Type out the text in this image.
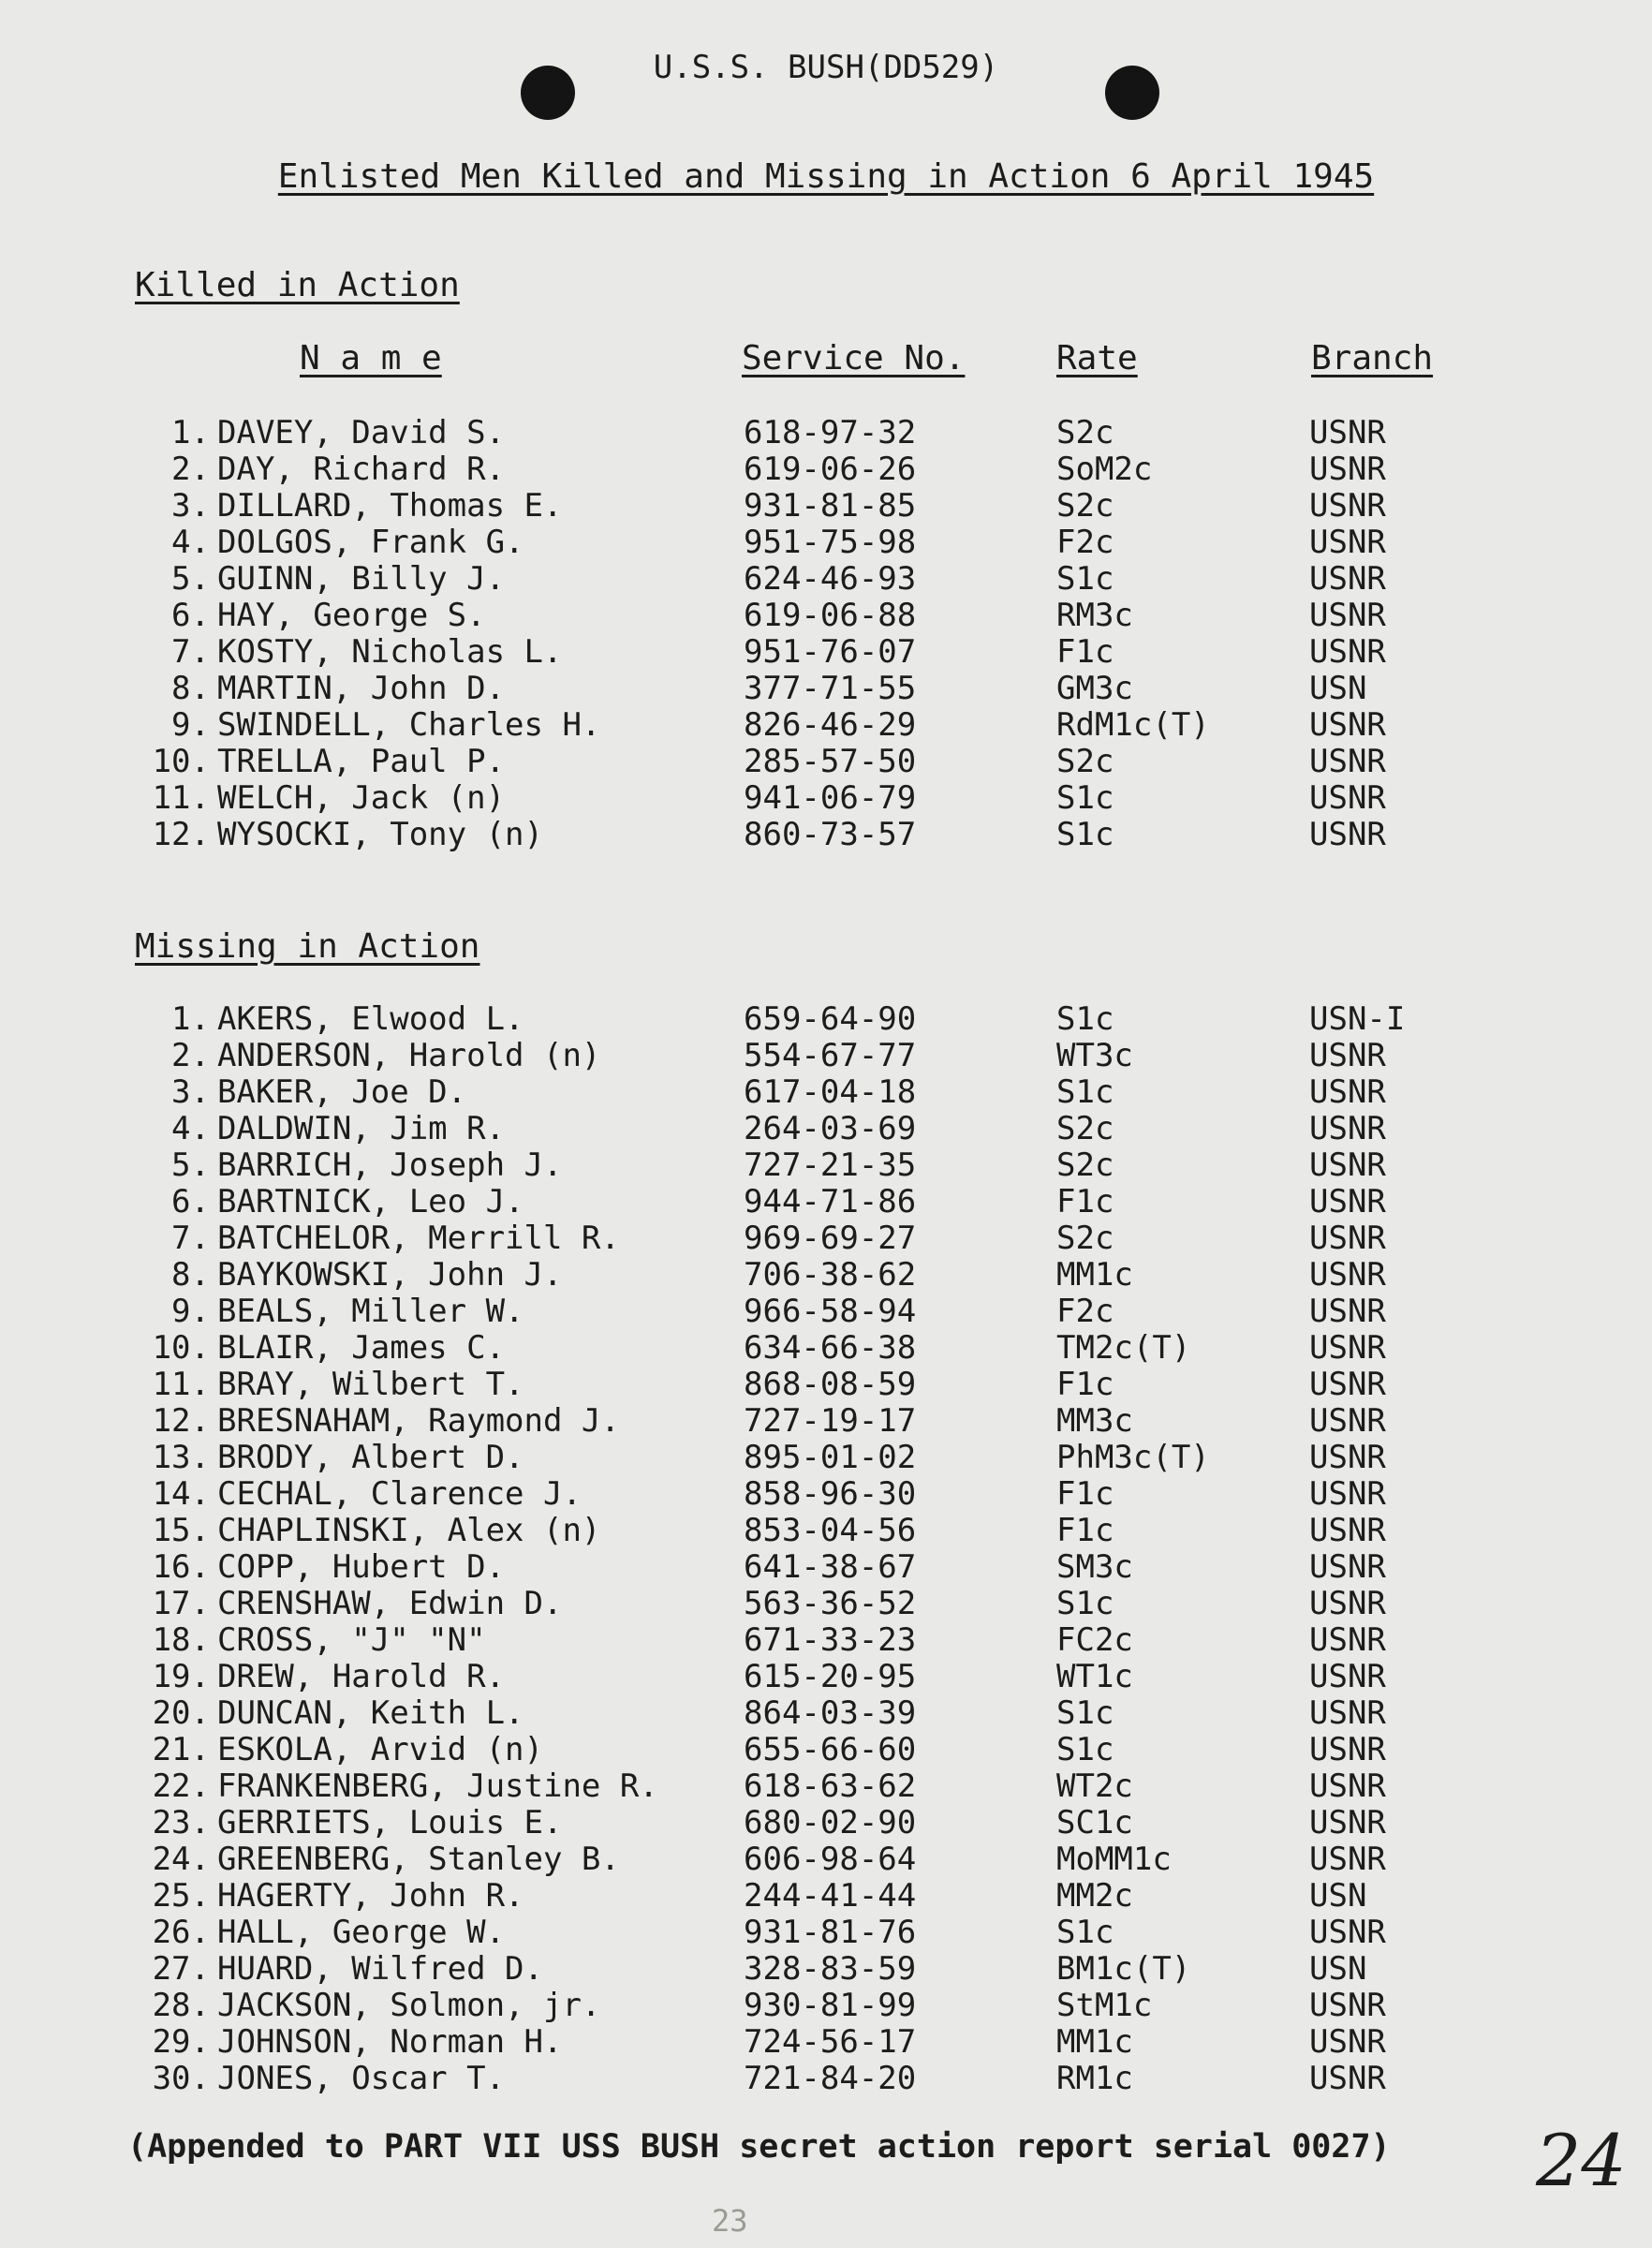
U.S.S. BUSH(DD529)
Enlisted Men Killed and Missing in Action 6 April 1945
Killed in Action
N a m e	Service No.	Rate	Branch
1. DAVEY, David S.	618-97-32	S2c	USNR
2. DAY, Richard R.	619-06-26	SoM2c	USNR
3. DILLARD, Thomas E.	931-81-85	S2c	USNR
4. DOLGOS, Frank G.	951-75-98	F2c	USNR
5. GUINN, Billy J.	624-46-93	S1c	USNR
6. HAY, George S.	619-06-88	RM3c	USNR
7. KOSTY, Nicholas L.	951-76-07	F1c	USNR
8. MARTIN, John D.	377-71-55	GM3c	USN
9. SWINDELL, Charles H.	826-46-29	RdM1c(T)	USNR
10. TRELLA, Paul P.	285-57-50	S2c	USNR
11. WELCH, Jack (n)	941-06-79	S1c	USNR
12. WYSOCKI, Tony (n)	860-73-57	S1c	USNR
Missing in Action
1. AKERS, Elwood L.	659-64-90	S1c	USN-I
2. ANDERSON, Harold (n)	554-67-77	WT3c	USNR
3. BAKER, Joe D.	617-04-18	S1c	USNR
4. DALDWIN, Jim R.	264-03-69	S2c	USNR
5. BARRICH, Joseph J.	727-21-35	S2c	USNR
6. BARTNICK, Leo J.	944-71-86	F1c	USNR
7. BATCHELOR, Merrill R.	969-69-27	S2c	USNR
8. BAYKOWSKI, John J.	706-38-62	MM1c	USNR
9. BEALS, Miller W.	966-58-94	F2c	USNR
10. BLAIR, James C.	634-66-38	TM2c(T)	USNR
11. BRAY, Wilbert T.	868-08-59	F1c	USNR
12. BRESNAHAM, Raymond J.	727-19-17	MM3c	USNR
13. BRODY, Albert D.	895-01-02	PhM3c(T)	USNR
14. CECHAL, Clarence J.	858-96-30	F1c	USNR
15. CHAPLINSKI, Alex (n)	853-04-56	F1c	USNR
16. COPP, Hubert D.	641-38-67	SM3c	USNR
17. CRENSHAW, Edwin D.	563-36-52	S1c	USNR
18. CROSS, "J" "N"	671-33-23	FC2c	USNR
19. DREW, Harold R.	615-20-95	WT1c	USNR
20. DUNCAN, Keith L.	864-03-39	S1c	USNR
21. ESKOLA, Arvid (n)	655-66-60	S1c	USNR
22. FRANKENBERG, Justine R.	618-63-62	WT2c	USNR
23. GERRIETS, Louis E.	680-02-90	SC1c	USNR
24. GREENBERG, Stanley B.	606-98-64	MoMM1c	USNR
25. HAGERTY, John R.	244-41-44	MM2c	USN
26. HALL, George W.	931-81-76	S1c	USNR
27. HUARD, Wilfred D.	328-83-59	BM1c(T)	USN
28. JACKSON, Solmon, jr.	930-81-99	StM1c	USNR
29. JOHNSON, Norman H.	724-56-17	MM1c	USNR
30. JONES, Oscar T.	721-84-20	RM1c	USNR
(Appended to PART VII USS BUSH secret action report serial 0027) 24
23
